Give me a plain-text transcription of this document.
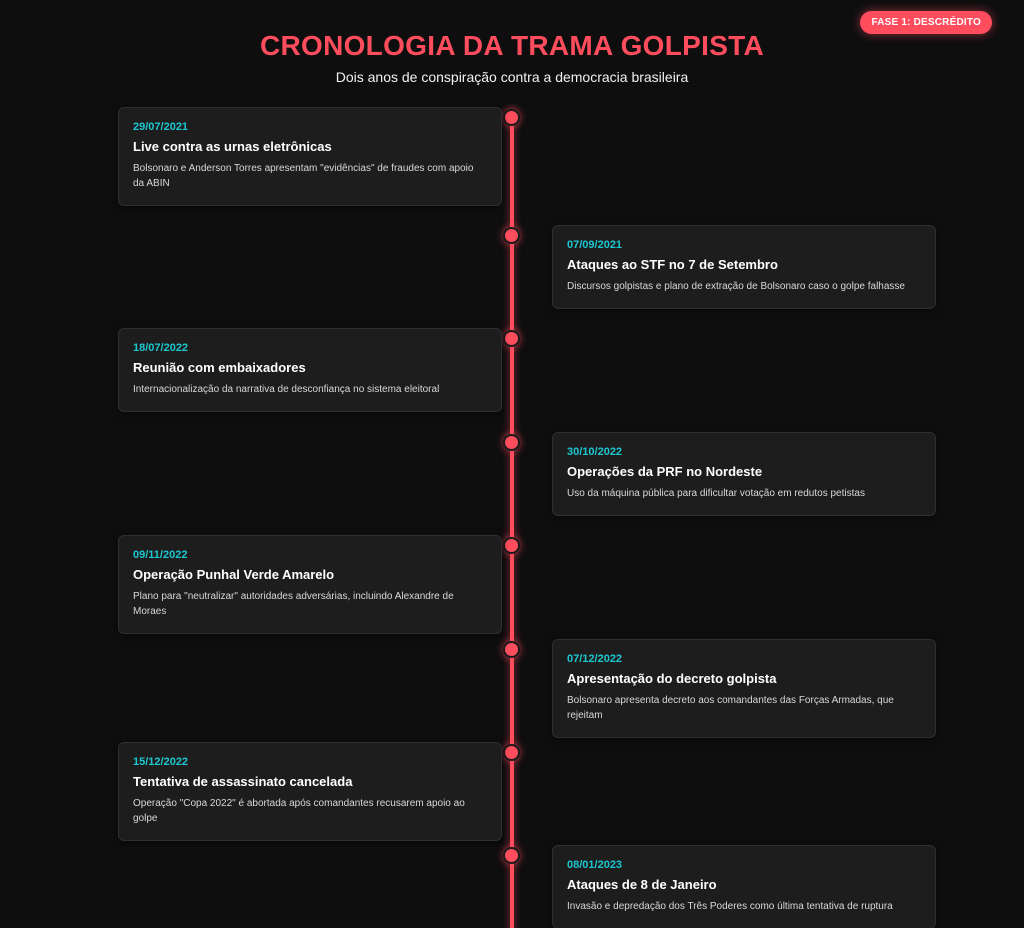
FASE 1: DESCRÉDITO
CRONOLOGIA DA TRAMA GOLPISTA

Dois anos de conspiração contra a democracia brasileira

29/07/2021
Live contra as urnas eletrônicas

Bolsonaro e Anderson Torres apresentam "evidências" de fraudes com apoio da ABIN

07/09/2021
Ataques ao STF no 7 de Setembro

Discursos golpistas e plano de extração de Bolsonaro caso o golpe falhasse

18/07/2022
Reunião com embaixadores

Internacionalização da narrativa de desconfiança no sistema eleitoral

30/10/2022
Operações da PRF no Nordeste

Uso da máquina pública para dificultar votação em redutos petistas

09/11/2022
Operação Punhal Verde Amarelo

Plano para "neutralizar" autoridades adversárias, incluindo Alexandre de Moraes

07/12/2022
Apresentação do decreto golpista

Bolsonaro apresenta decreto aos comandantes das Forças Armadas, que rejeitam

15/12/2022
Tentativa de assassinato cancelada

Operação "Copa 2022" é abortada após comandantes recusarem apoio ao golpe

08/01/2023
Ataques de 8 de Janeiro

Invasão e depredação dos Três Poderes como última tentativa de ruptura
